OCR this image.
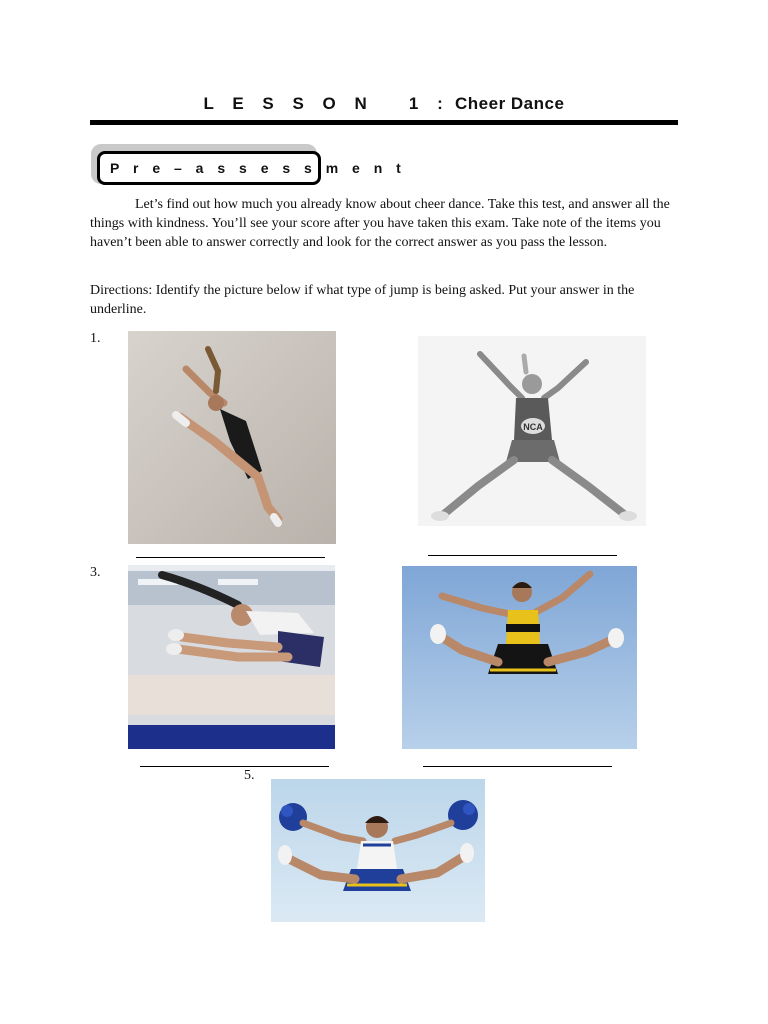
L E S S O N   1 : Cheer Dance
P r e – a s s e s s m e n t

Let’s find out how much you already know about cheer dance. Take this test, and answer all the things with kindness. You’ll see your score after you have taken this exam. Take note of the items you haven’t been able to answer correctly and look for the correct answer as you pass the lesson.

Directions: Identify the picture below if what type of jump is being asked. Put your answer in the underline.

1.
3.
5.
NCA
